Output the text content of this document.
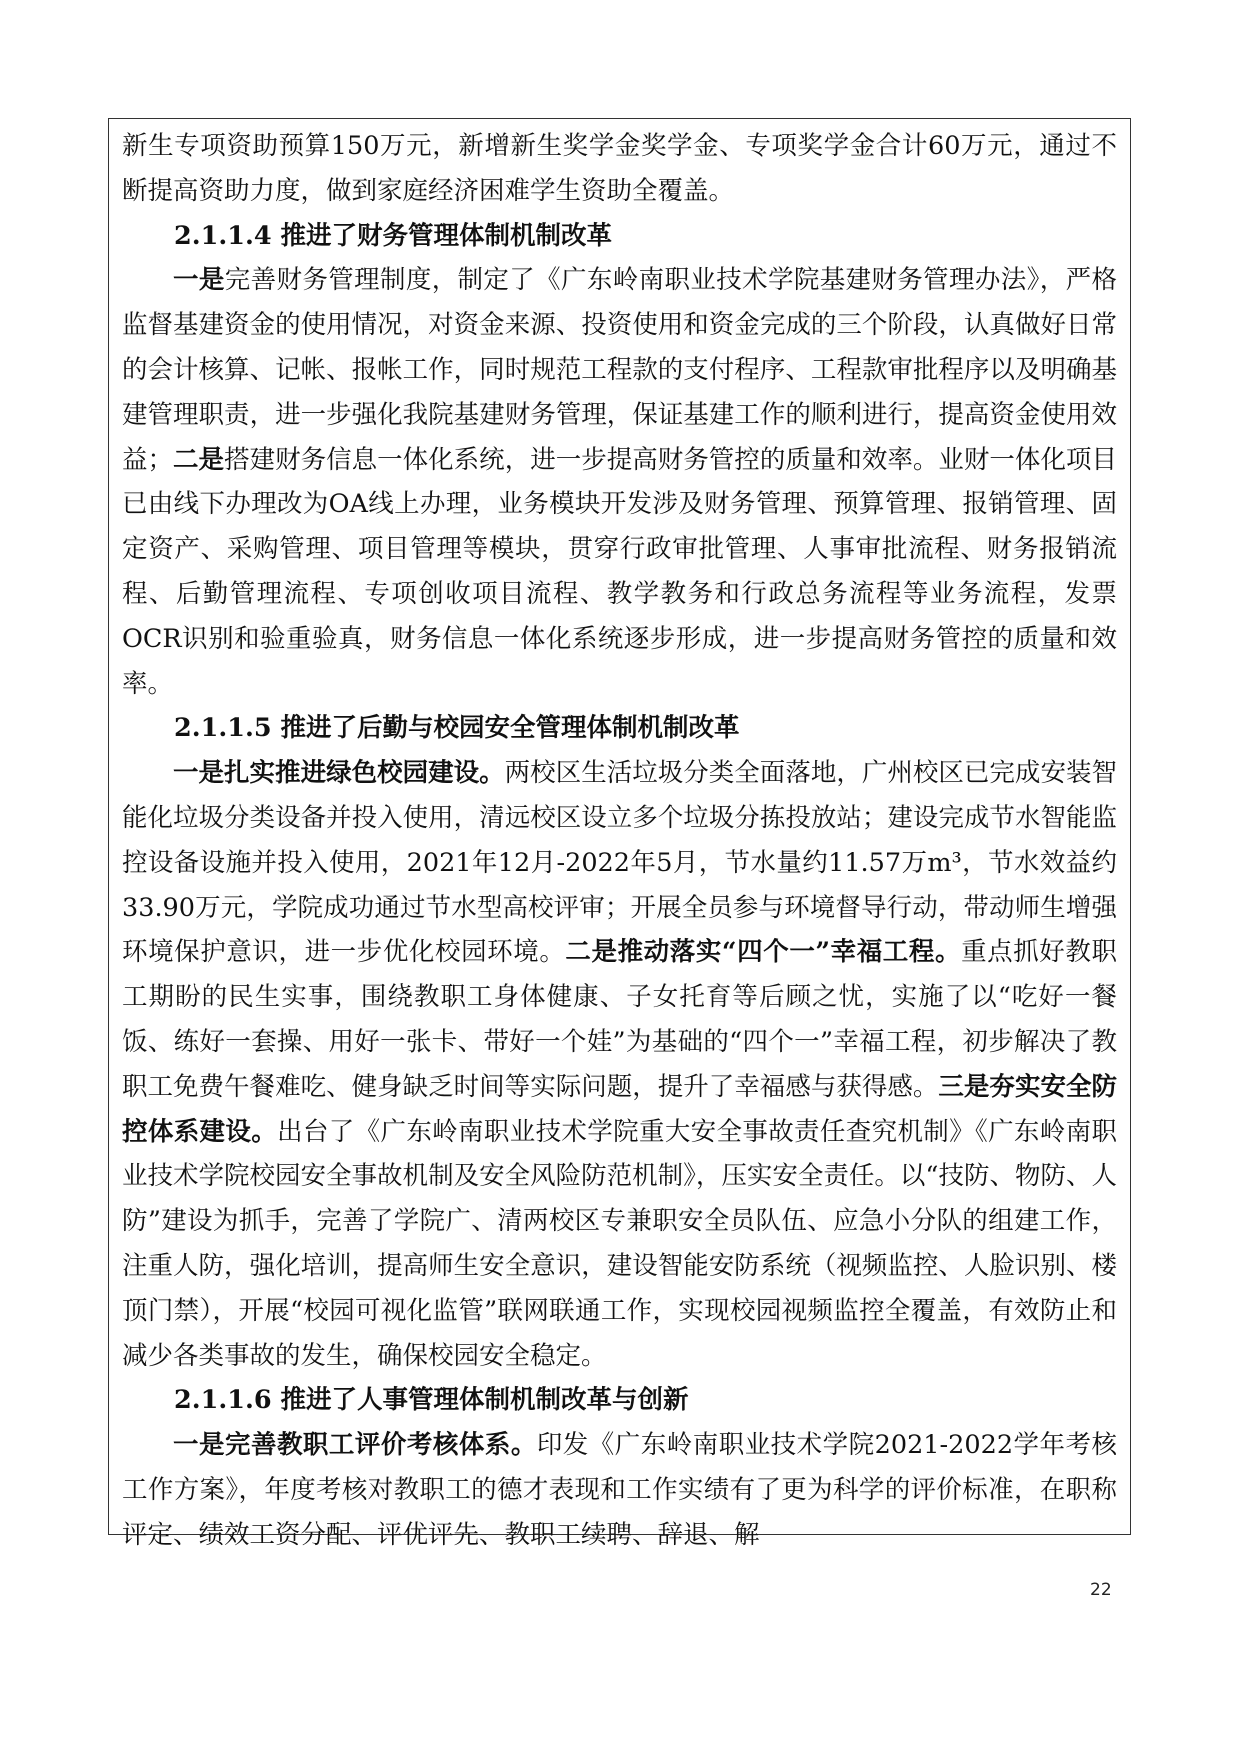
新生专项资助预算150万元，新增新生奖学金奖学金、专项奖学金合计60万元，通过不断提高资助力度，做到家庭经济困难学生资助全覆盖。

2.1.1.4 推进了财务管理体制机制改革

一是完善财务管理制度，制定了《广东岭南职业技术学院基建财务管理办法》，严格监督基建资金的使用情况，对资金来源、投资使用和资金完成的三个阶段，认真做好日常的会计核算、记帐、报帐工作，同时规范工程款的支付程序、工程款审批程序以及明确基建管理职责，进一步强化我院基建财务管理，保证基建工作的顺利进行，提高资金使用效益；二是搭建财务信息一体化系统，进一步提高财务管控的质量和效率。业财一体化项目已由线下办理改为OA线上办理，业务模块开发涉及财务管理、预算管理、报销管理、固定资产、采购管理、项目管理等模块，贯穿行政审批管理、人事审批流程、财务报销流程、后勤管理流程、专项创收项目流程、教学教务和行政总务流程等业务流程，发票OCR识别和验重验真，财务信息一体化系统逐步形成，进一步提高财务管控的质量和效率。

2.1.1.5 推进了后勤与校园安全管理体制机制改革

一是扎实推进绿色校园建设。两校区生活垃圾分类全面落地，广州校区已完成安装智能化垃圾分类设备并投入使用，清远校区设立多个垃圾分拣投放站；建设完成节水智能监控设备设施并投入使用，2021年12月-2022年5月，节水量约11.57万m³，节水效益约33.90万元，学院成功通过节水型高校评审；开展全员参与环境督导行动，带动师生增强环境保护意识，进一步优化校园环境。二是推动落实“四个一”幸福工程。重点抓好教职工期盼的民生实事，围绕教职工身体健康、子女托育等后顾之忧，实施了以“吃好一餐饭、练好一套操、用好一张卡、带好一个娃”为基础的“四个一”幸福工程，初步解决了教职工免费午餐难吃、健身缺乏时间等实际问题，提升了幸福感与获得感。三是夯实安全防控体系建设。出台了《广东岭南职业技术学院重大安全事故责任查究机制》《广东岭南职业技术学院校园安全事故机制及安全风险防范机制》，压实安全责任。以“技防、物防、人防”建设为抓手，完善了学院广、清两校区专兼职安全员队伍、应急小分队的组建工作，注重人防，强化培训，提高师生安全意识，建设智能安防系统（视频监控、人脸识别、楼顶门禁），开展“校园可视化监管”联网联通工作，实现校园视频监控全覆盖，有效防止和减少各类事故的发生，确保校园安全稳定。

2.1.1.6 推进了人事管理体制机制改革与创新

一是完善教职工评价考核体系。印发《广东岭南职业技术学院2021-2022学年考核工作方案》，年度考核对教职工的德才表现和工作实绩有了更为科学的评价标准，在职称评定、绩效工资分配、评优评先、教职工续聘、辞退、解

22
